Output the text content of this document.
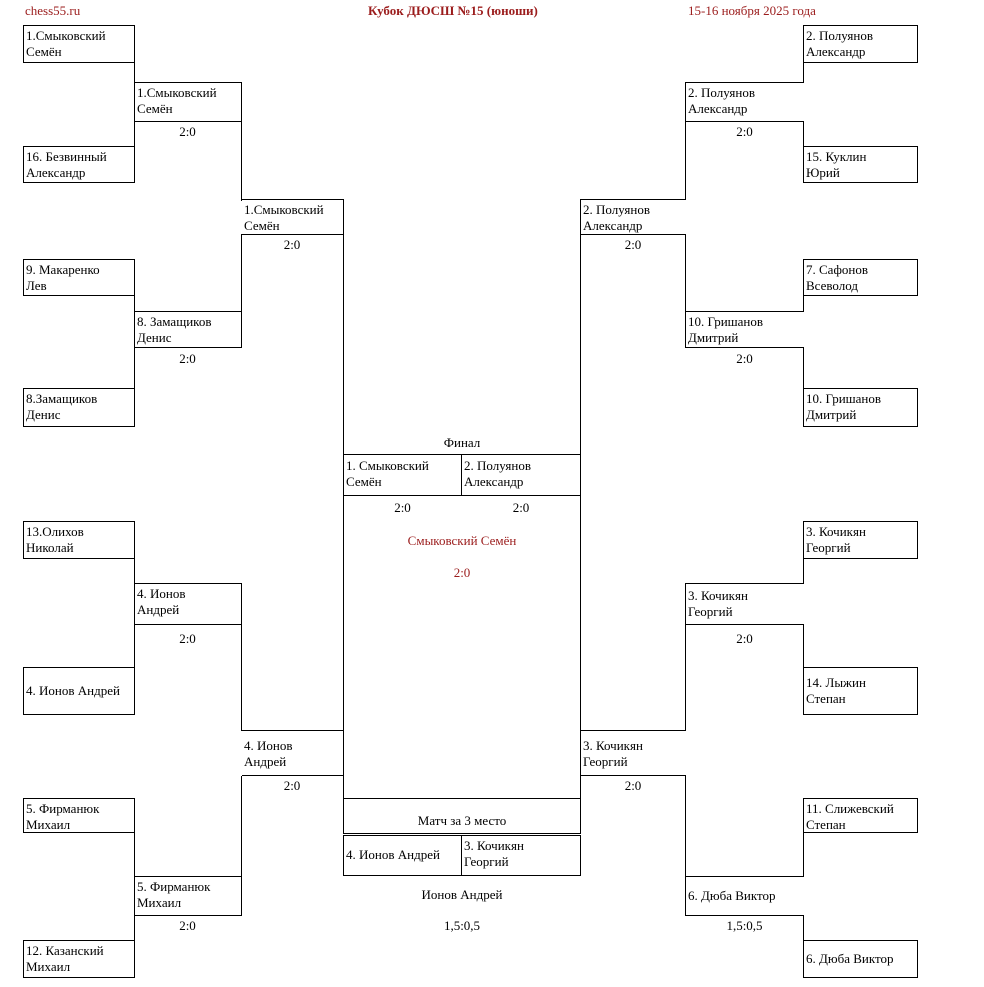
chess55.ru	Кубок ДЮСШ №15 (юноши)	15-16 ноября 2025 года
1.Смыковский
Семён
16. Безвинный
Александр
9. Макаренко
Лев
8.Замащиков
Денис
13.Олихов
Николай
4. Ионов Андрей
5. Фирманюк
Михаил
12. Казанский
Михаил
1.Смыковский
Семён
2:0
8. Замащиков
Денис
2:0
4. Ионов
Андрей
2:0
5. Фирманюк
Михаил
2:0
1.Смыковский
Семён
2:0
4. Ионов
Андрей
2:0
2. Полуянов
Александр
15. Куклин
Юрий
7. Сафонов
Всеволод
10. Гришанов
Дмитрий
3. Кочикян
Георгий
14. Лыжин
Степан
11. Слижевский
Степан
6. Дюба Виктор
2. Полуянов
Александр
2:0
10. Гришанов
Дмитрий
2:0
3. Кочикян
Георгий
2:0
6. Дюба Виктор
1,5:0,5
2. Полуянов
Александр
2:0
3. Кочикян
Георгий
2:0
Финал
1. Смыковский
Семён
2. Полуянов
Александр
2:0	2:0
Смыковский Семён
2:0
Матч за 3 место
4. Ионов Андрей
3. Кочикян
Георгий
Ионов Андрей
1,5:0,5
